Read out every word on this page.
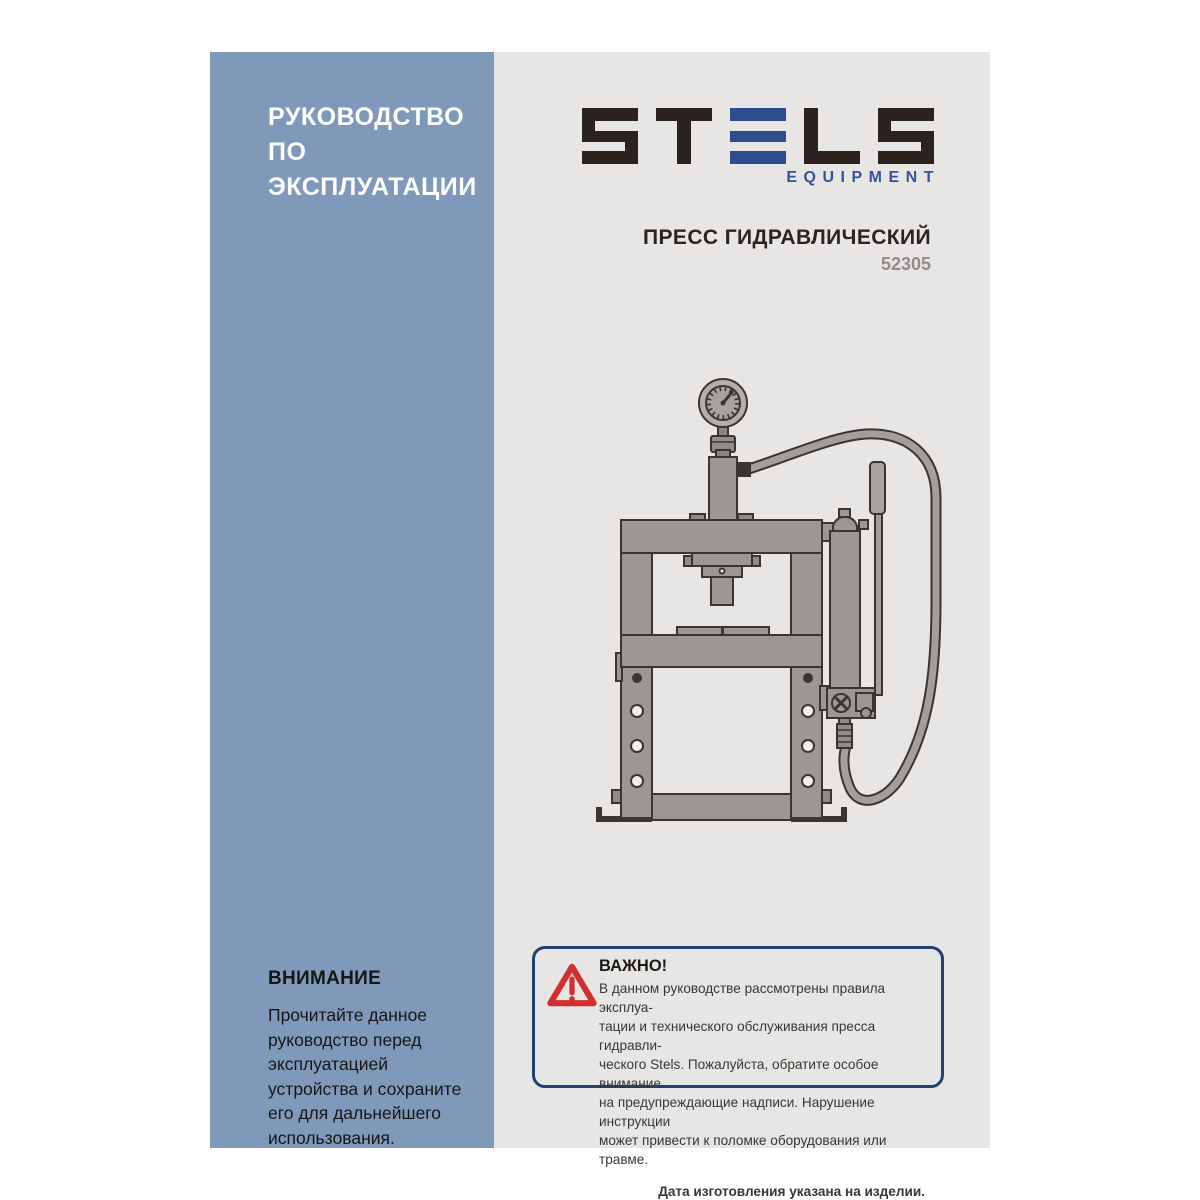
РУКОВОДСТВО
ПО ЭКСПЛУАТАЦИИ
ВНИМАНИЕ
Прочитайте данное
руководство перед
эксплуатацией
устройства и сохраните
его для дальнейшего
использования.
EQUIPMENT
ПРЕСС ГИДРАВЛИЧЕСКИЙ
52305
ВАЖНО!
В данном руководстве рассмотрены правила эксплуа-
тации и технического обслуживания пресса гидравли-
ческого Stels. Пожалуйста, обратите особое внимание
на предупреждающие надписи. Нарушение инструкции
может привести к поломке оборудования или травме.
Дата изготовления указана на изделии.
